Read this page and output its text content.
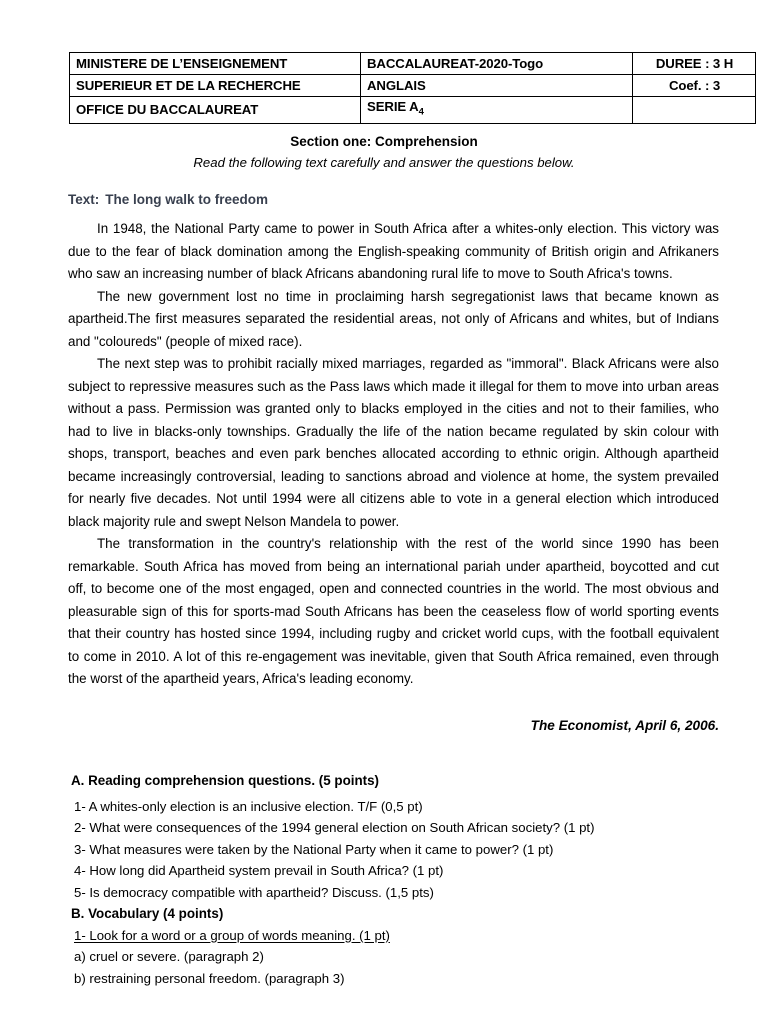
MINISTERE DE L’ENSEIGNEMENT	BACCALAUREAT-2020-Togo	DUREE : 3 H
SUPERIEUR ET DE LA RECHERCHE	ANGLAIS	Coef. : 3
OFFICE DU BACCALAUREAT	SERIE $A_4$	
Section one: Comprehension
Read the following text carefully and answer the questions below.
Text: The long walk to freedom

In 1948, the National Party came to power in South Africa after a whites-only election. This victory was due to the fear of black domination among the English-speaking community of British origin and Afrikaners who saw an increasing number of black Africans abandoning rural life to move to South Africa's towns.

The new government lost no time in proclaiming harsh segregationist laws that became known as apartheid.The first measures separated the residential areas, not only of Africans and whites, but of Indians and "coloureds" (people of mixed race).

The next step was to prohibit racially mixed marriages, regarded as "immoral". Black Africans were also subject to repressive measures such as the Pass laws which made it illegal for them to move into urban areas without a pass. Permission was granted only to blacks employed in the cities and not to their families, who had to live in blacks-only townships. Gradually the life of the nation became regulated by skin colour with shops, transport, beaches and even park benches allocated according to ethnic origin. Although apartheid became increasingly controversial, leading to sanctions abroad and violence at home, the system prevailed for nearly five decades. Not until 1994 were all citizens able to vote in a general election which introduced black majority rule and swept Nelson Mandela to power.

The transformation in the country's relationship with the rest of the world since 1990 has been remarkable. South Africa has moved from being an international pariah under apartheid, boycotted and cut off, to become one of the most engaged, open and connected countries in the world. The most obvious and pleasurable sign of this for sports-mad South Africans has been the ceaseless flow of world sporting events that their country has hosted since 1994, including rugby and cricket world cups, with the football equivalent to come in 2010. A lot of this re-engagement was inevitable, given that South Africa remained, even through the worst of the apartheid years, Africa's leading economy.

The Economist, April 6, 2006.

A. Reading comprehension questions. (5 points)

1- A whites-only election is an inclusive election. T/F (0,5 pt)

2- What were consequences of the 1994 general election on South African society? (1 pt)

3- What measures were taken by the National Party when it came to power? (1 pt)

4- How long did Apartheid system prevail in South Africa? (1 pt)

5- Is democracy compatible with apartheid? Discuss. (1,5 pts)

B. Vocabulary (4 points)

1- Look for a word or a group of words meaning. (1 pt)

a) cruel or severe. (paragraph 2)

b) restraining personal freedom. (paragraph 3)
